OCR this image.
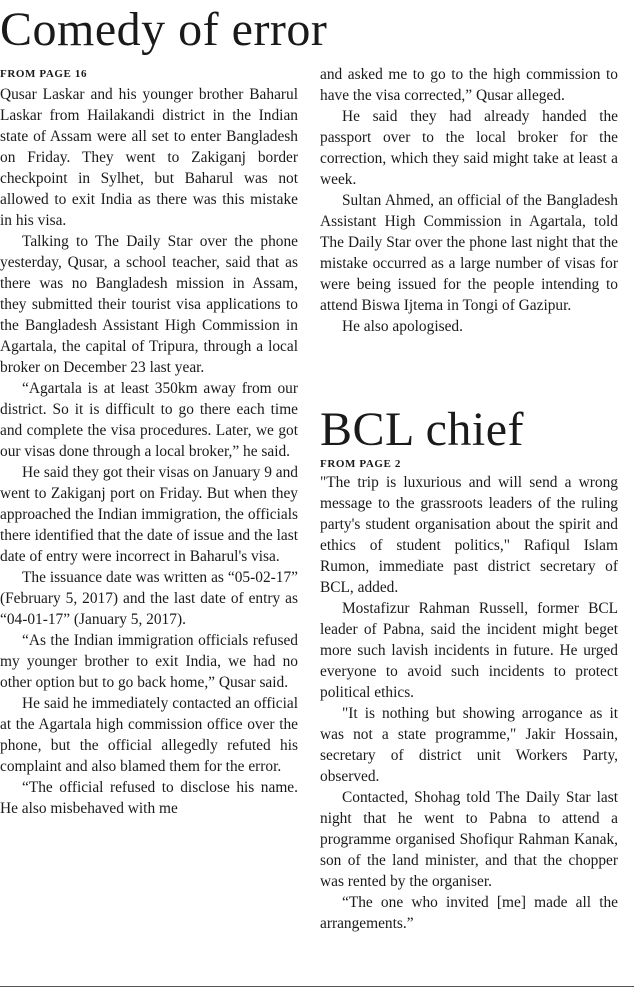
Comedy of error
FROM PAGE 16

Qusar Laskar and his younger brother Baharul Laskar from Hailakandi district in the Indian state of Assam were all set to enter Bangladesh on Friday. They went to Zakiganj border checkpoint in Sylhet, but Baharul was not allowed to exit India as there was this mistake in his visa.

Talking to The Daily Star over the phone yesterday, Qusar, a school teacher, said that as there was no Bangladesh mission in Assam, they submitted their tourist visa applications to the Bangladesh Assistant High Commission in Agartala, the capital of Tripura, through a local broker on December 23 last year.

“Agartala is at least 350km away from our district. So it is difficult to go there each time and complete the visa procedures. Later, we got our visas done through a local broker,” he said.

He said they got their visas on January 9 and went to Zakiganj port on Friday. But when they approached the Indian immigration, the officials there identified that the date of issue and the last date of entry were incorrect in Baharul's visa.

The issuance date was written as “05-02-17” (February 5, 2017) and the last date of entry as “04-01-17” (January 5, 2017).

“As the Indian immigration officials refused my younger brother to exit India, we had no other option but to go back home,” Qusar said.

He said he immediately contacted an official at the Agartala high commission office over the phone, but the official allegedly refuted his complaint and also blamed them for the error.

“The official refused to disclose his name. He also misbehaved with me

and asked me to go to the high commission to have the visa corrected,” Qusar alleged.

He said they had already handed the passport over to the local broker for the correction, which they said might take at least a week.

Sultan Ahmed, an official of the Bangladesh Assistant High Commission in Agartala, told The Daily Star over the phone last night that the mistake occurred as a large number of visas for were being issued for the people intending to attend Biswa Ijtema in Tongi of Gazipur.

He also apologised.

BCL chief
FROM PAGE 2

"The trip is luxurious and will send a wrong message to the grassroots leaders of the ruling party's student organisation about the spirit and ethics of student politics," Rafiqul Islam Rumon, immediate past district secretary of BCL, added.

Mostafizur Rahman Russell, former BCL leader of Pabna, said the incident might beget more such lavish incidents in future. He urged everyone to avoid such incidents to protect political ethics.

"It is nothing but showing arrogance as it was not a state programme," Jakir Hossain, secretary of district unit Workers Party, observed.

Contacted, Shohag told The Daily Star last night that he went to Pabna to attend a programme organised Shofiqur Rahman Kanak, son of the land minister, and that the chopper was rented by the organiser.

“The one who invited [me] made all the arrangements.”
